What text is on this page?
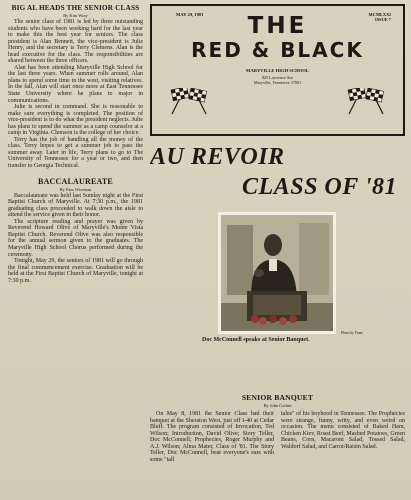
BIG AL HEADS THE SENIOR CLASS
By Kim Wray

The senior class of 1981 is led by three outstanding students who have been working hard for the last year to make this the best year for seniors. The class president is Alan Bennett, the vice-president is Julie Henry, and the secretary is Terry Clemens. Alan is the head executive for the class. The responsibilities are shared between the three officers.

Alan has been attending Maryville High School for the last three years. When summer rolls around, Alan plans to spend some time in the west, visiting relatives. In the fall, Alan will start once more at East Tennessee State University where he plans to major in communications.

Julie is second in command. She is reasonable to make sure everything is completed. The position of vice-president is to do what the president neglects. Julie has plans to spend the summer as a camp counselor at a camp in Virginia. Clemson is the college of her choice.

Terry has the job of handling all the money of the class. Terry hopes to get a summer job to pass the summer away. Later in life, Terry plans to go to The University of Tennessee for a year or two, and then transfer to Georgia Technical.

BACCALAUREATE
By Pam Wiseman

Baccalaureate was held last Sunday night at the First Baptist Church of Maryville. At 7:30 p.m., the 1981 graduating class proceeded to walk down the aisle to attend the service given in their honor.

The scripture reading and prayer was given by Reverend Howard Olive of Maryville's Monte Vista Baptist Church. Reverend Olive was also responsible for the annual sermon given to the graduates. The Maryville High School Chorus performed during the ceremony.

Tonight, May 29, the seniors of 1981 will go through the final commencement exercise. Graduation will be held at the First Baptist Church of Maryville, tonight at 7:30 p.m.

MAY 29, 1981	MCMLXXI
ISSUE 7
THE
RED & BLACK
MARYVILLE HIGH SCHOOL
825 Lawrence Ave
Maryville, Tennessee 37801
AU REVOIR
CLASS OF '81
Photo by Franc
Doc McConnell speaks at Senior Banquet.
SENIOR BANQUET
By John Corbin

On May 8, 1981 the Senior Class had their banquet at the Sheraton West, just off I-40 at Cedar Bluff. The program consisted of Invocation, Ted Wilson; Introduction, David Olive; Story Teller, Doc McConnell; Prophecies, Roger Murphy and A.J. Wilson; Alma Mater, Class of '81. The Story Teller, Doc McConnell, beat everyone's ears with some "tall

tales" of his boyhood in Tennessee. The Prophecies were strange, funny, witty, and even weird on occasion. The menu consisted of Baked Ham, Chicken Kiev, Roast Beef, Mashed Potatoes, Green Beans, Corn, Macaroni Salad, Tossed Salad, Waldorf Salad, and Carrot/Raisin Salad.
